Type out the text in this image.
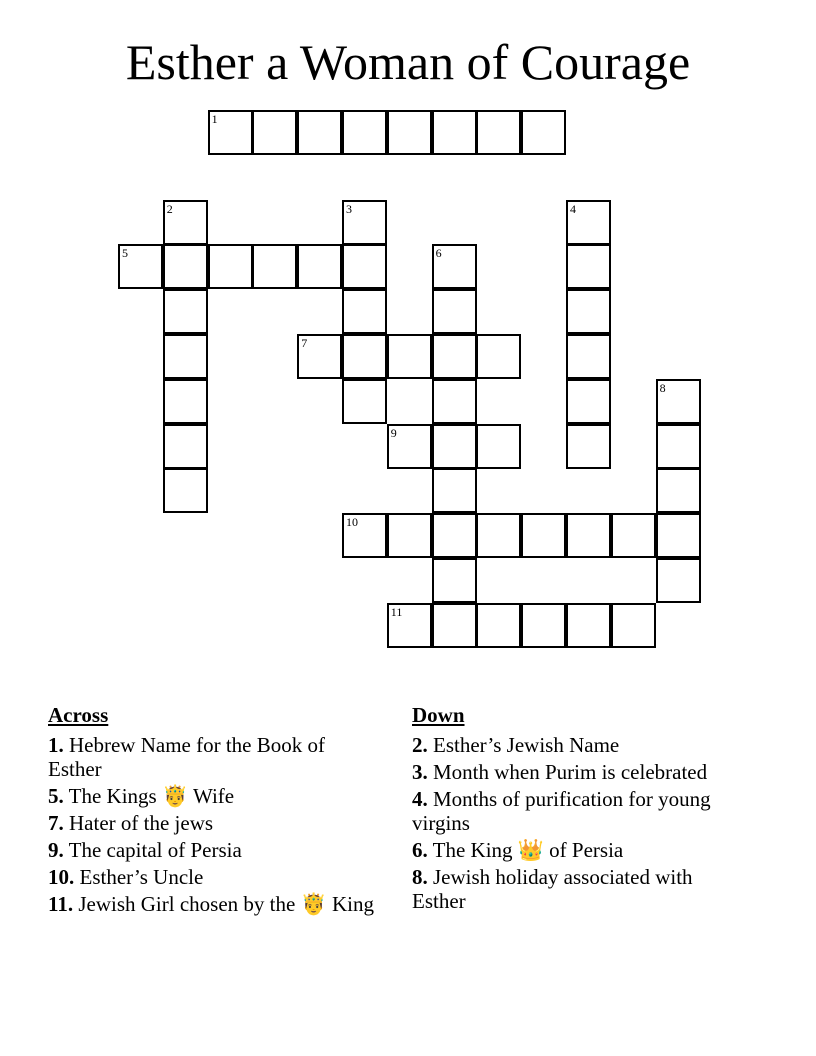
Esther a Woman of Courage
1
2	3	4
5	6
7
8
9
10
11
Across
1. Hebrew Name for the Book of Esther
5. The Kings 🤴 Wife
7. Hater of the jews
9. The capital of Persia
10. Esther’s Uncle
11. Jewish Girl chosen by the 🤴 King
Down
2. Esther’s Jewish Name
3. Month when Purim is celebrated
4. Months of purification for young virgins
6. The King 👑 of Persia
8. Jewish holiday associated with Esther
